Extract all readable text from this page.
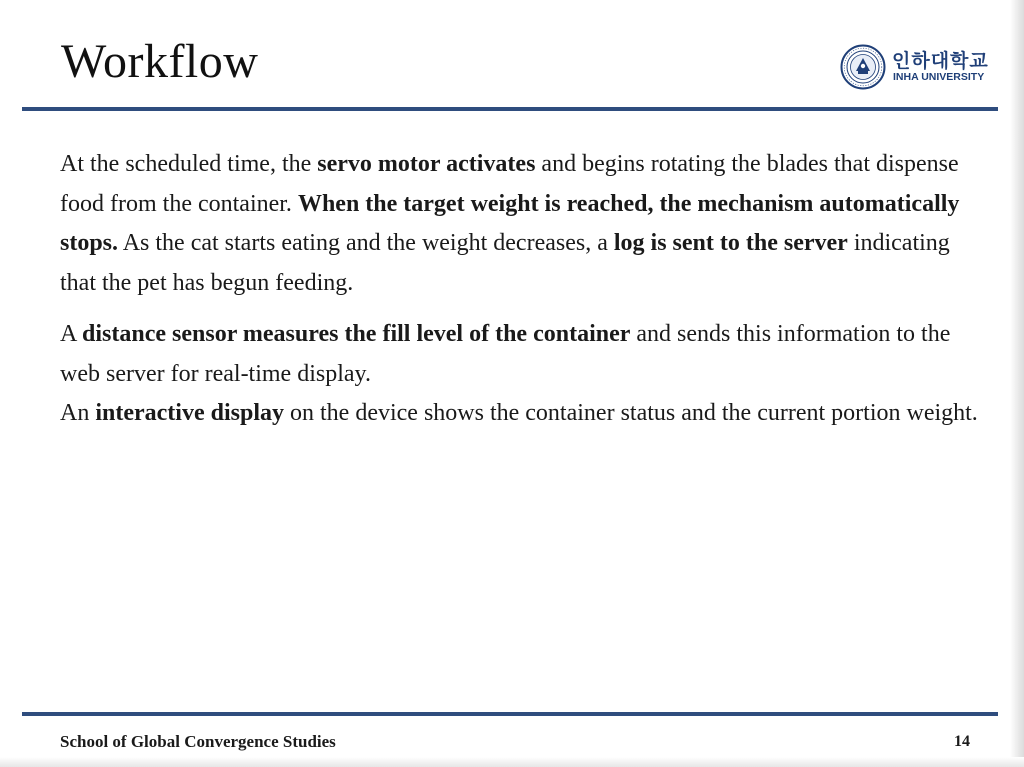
Workflow	인하대학교
INHA UNIVERSITY

At the scheduled time, the servo motor activates and begins rotating the blades that dispense food from the container. When the target weight is reached, the mechanism automatically stops. As the cat starts eating and the weight decreases, a log is sent to the server indicating that the pet has begun feeding.

A distance sensor measures the fill level of the container and sends this information to the web server for real-time display.
An interactive display on the device shows the container status and the current portion weight.

School of Global Convergence Studies	14
